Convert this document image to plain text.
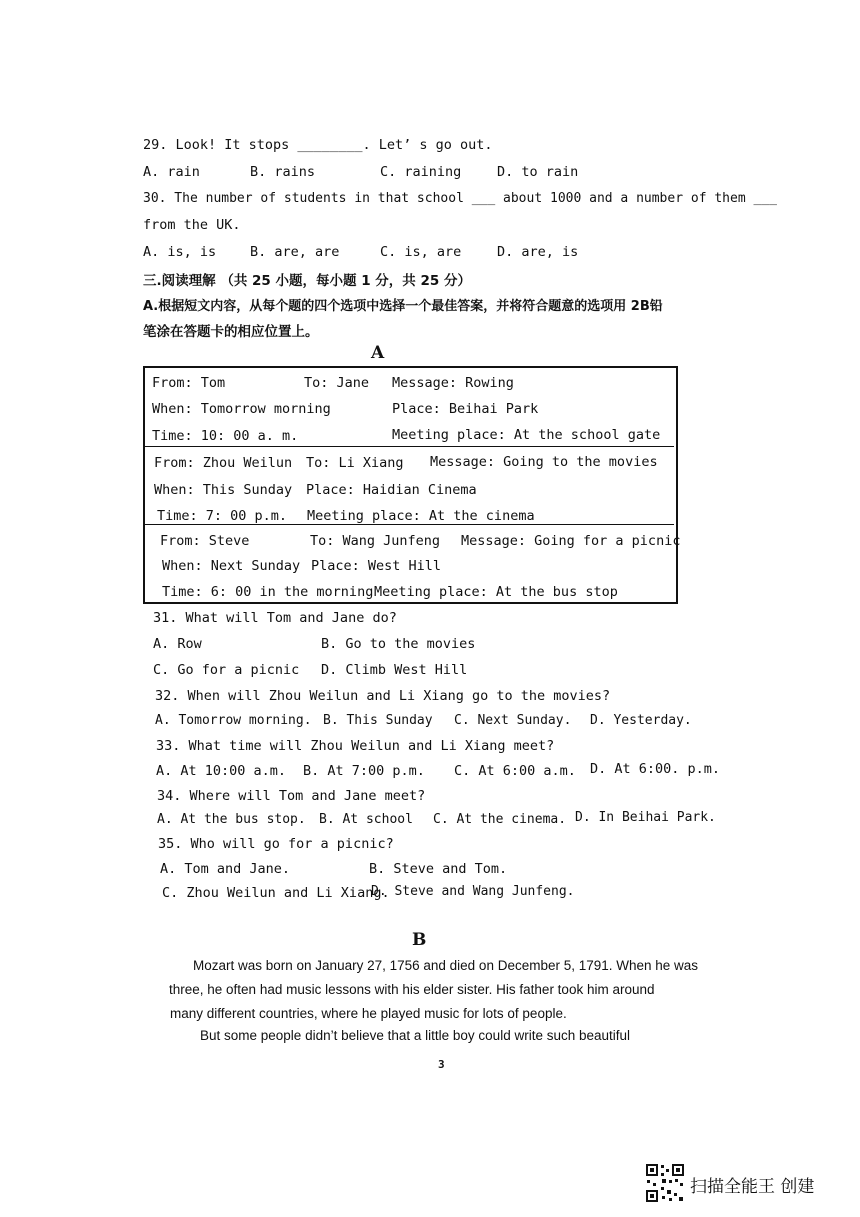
29. Look! It stops ________. Let’ s go out.
A. rain	B. rains	C. raining	D. to rain
30. The number of students in that school ___ about 1000 and a number of them ___
from the UK.
A. is, is	B. are, are	C. is, are	D. are, is
三.阅读理解 （共 25 小题，每小题 1 分，共 25 分）
A.根据短文内容，从每个题的四个选项中选择一个最佳答案，并将符合题意的选项用 2B铅
笔涂在答题卡的相应位置上。
A
From: Tom	To: Jane Message: Rowing
When: Tomorrow morning	Place: Beihai Park
Time: 10: 00 a. m.	Meeting place: At the school gate
From: Zhou Weilun To: Li Xiang Message: Going to the movies
When: This Sunday Place: Haidian Cinema
Time: 7: 00 p.m. Meeting place: At the cinema
From: Steve	To: Wang Junfeng Message: Going for a picnic
When: Next Sunday Place: West Hill
Time: 6: 00 in the morning Meeting place: At the bus stop
31. What will Tom and Jane do?
A. Row	B. Go to the movies
C. Go for a picnic D. Climb West Hill
32. When will Zhou Weilun and Li Xiang go to the movies?
A. Tomorrow morning. B. This Sunday C. Next Sunday. D. Yesterday.
33. What time will Zhou Weilun and Li Xiang meet?
A. At 10:00 a.m. B. At 7:00 p.m. C. At 6:00 a.m. D. At 6:00. p.m.
34. Where will Tom and Jane meet?
A. At the bus stop. B. At school C. At the cinema. D. In Beihai Park.
35. Who will go for a picnic?
A. Tom and Jane.	B. Steve and Tom.
C. Zhou Weilun and Li Xiang.
D. Steve and Wang Junfeng.
B
Mozart was born on January 27, 1756 and died on December 5, 1791. When he was
three, he often had music lessons with his elder sister. His father took him around
many different countries, where he played music for lots of people.
But some people didn’t believe that a little boy could write such beautiful
3
扫描全能王 创建
